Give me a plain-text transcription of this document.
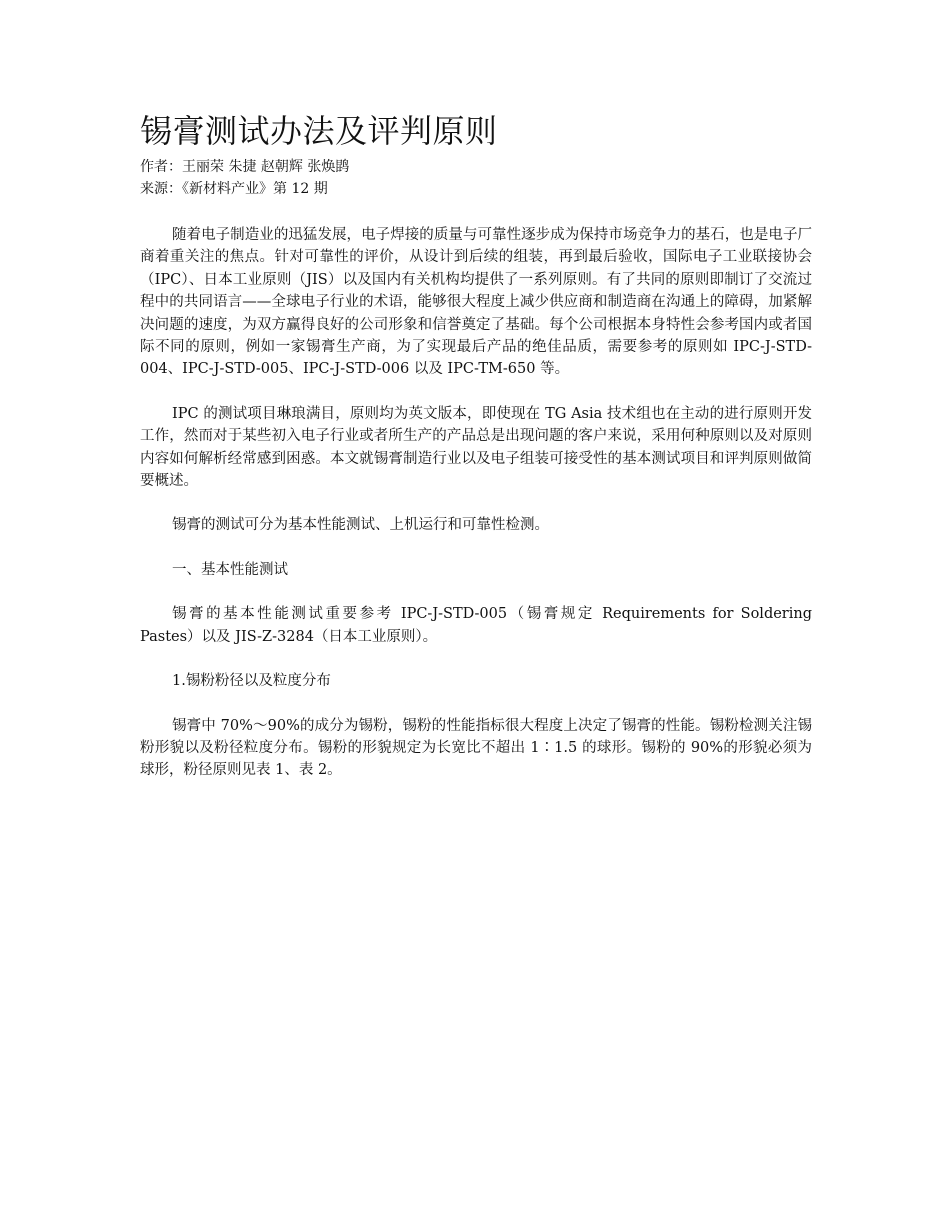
锡膏测试办法及评判原则

作者：王丽荣 朱捷 赵朝辉 张焕鹍

来源：《新材料产业》第 12 期

随着电子制造业的迅猛发展，电子焊接的质量与可靠性逐步成为保持市场竞争力的基石，也是电子厂商着重关注的焦点。针对可靠性的评价，从设计到后续的组装，再到最后验收，国际电子工业联接协会（IPC）、日本工业原则（JIS）以及国内有关机构均提供了一系列原则。有了共同的原则即制订了交流过程中的共同语言——全球电子行业的术语，能够很大程度上减少供应商和制造商在沟通上的障碍，加紧解决问题的速度，为双方赢得良好的公司形象和信誉奠定了基础。每个公司根据本身特性会参考国内或者国际不同的原则，例如一家锡膏生产商，为了实现最后产品的绝佳品质，需要参考的原则如 IPC-J-STD-004、IPC-J-STD-005、IPC-J-STD-006 以及 IPC-TM-650 等。

IPC 的测试项目琳琅满目，原则均为英文版本，即使现在 TG Asia 技术组也在主动的进行原则开发工作，然而对于某些初入电子行业或者所生产的产品总是出现问题的客户来说，采用何种原则以及对原则内容如何解析经常感到困惑。本文就锡膏制造行业以及电子组装可接受性的基本测试项目和评判原则做简要概述。

锡膏的测试可分为基本性能测试、上机运行和可靠性检测。

一、基本性能测试

锡膏的基本性能测试重要参考 IPC-J-STD-005（锡膏规定 Requirements for Soldering Pastes）以及 JIS-Z-3284（日本工业原则）。

1.锡粉粉径以及粒度分布

锡膏中 70%～90%的成分为锡粉，锡粉的性能指标很大程度上决定了锡膏的性能。锡粉检测关注锡粉形貌以及粉径粒度分布。锡粉的形貌规定为长宽比不超出 1∶1.5 的球形。锡粉的 90%的形貌必须为球形，粉径原则见表 1、表 2。
